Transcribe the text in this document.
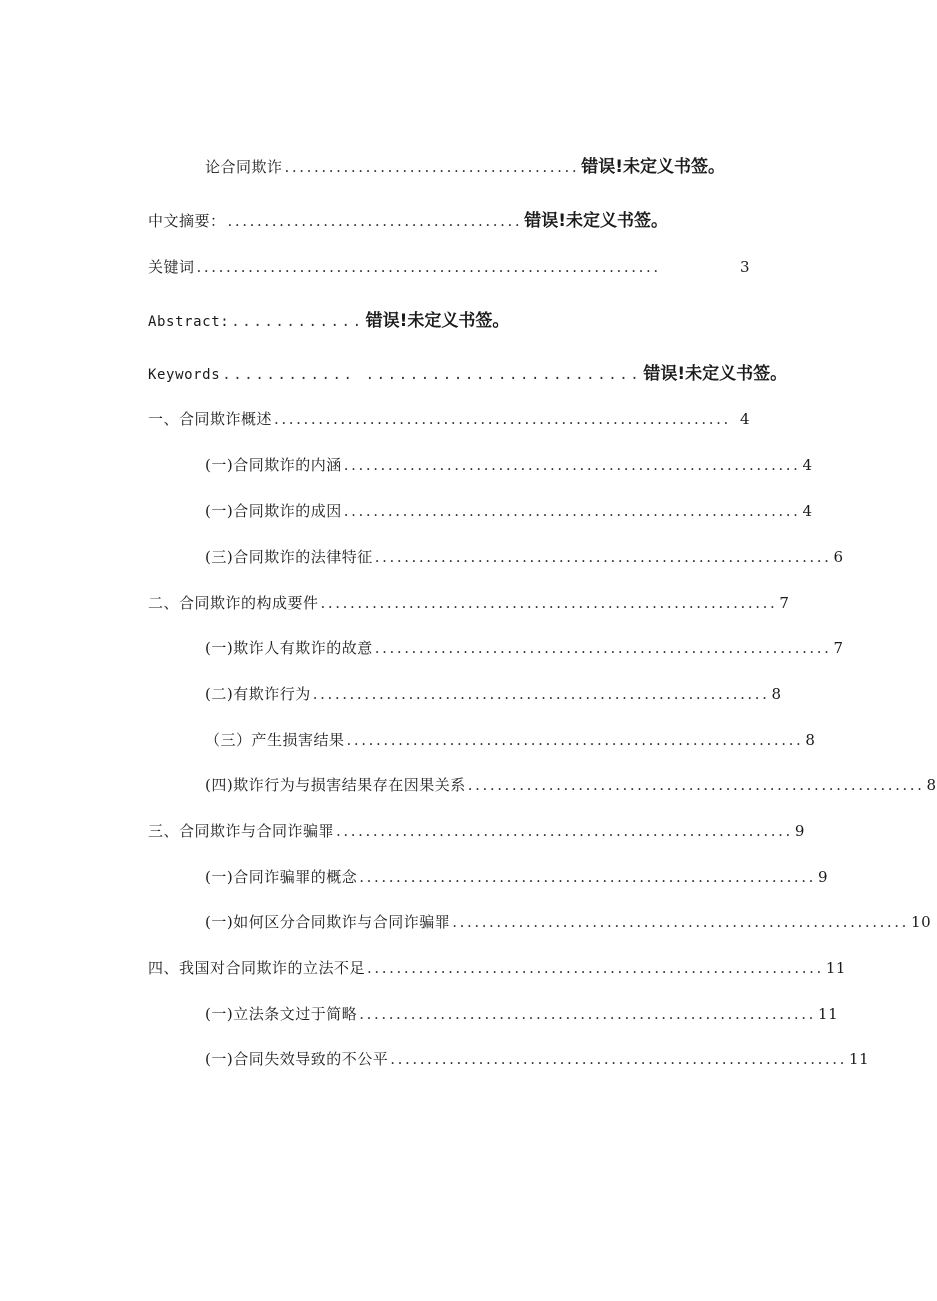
论合同欺诈 ........................................ 错误!未定义书签。
中文摘要： ........................................ 错误!未定义书签。
关键词 ...............................................................	3
Abstract: ............ 错误!未定义书签。
Keywords ............ ......................... 错误!未定义书签。
一、合同欺诈概述 .............................................................. 4
(一)合同欺诈的内涵 .............................................................. 4
(一)合同欺诈的成因 .............................................................. 4
(三)合同欺诈的法律特征 .............................................................. 6
二、合同欺诈的构成要件 .............................................................. 7
(一)欺诈人有欺诈的故意 .............................................................. 7
(二)有欺诈行为 .............................................................. 8
（三）产生损害结果 .............................................................. 8
(四)欺诈行为与损害结果存在因果关系 .............................................................. 8
三、合同欺诈与合同诈骗罪 .............................................................. 9
(一)合同诈骗罪的概念 .............................................................. 9
(一)如何区分合同欺诈与合同诈骗罪 .............................................................. 10
四、我国对合同欺诈的立法不足 .............................................................. 11
(一)立法条文过于简略 .............................................................. 11
(一)合同失效导致的不公平 .............................................................. 11
